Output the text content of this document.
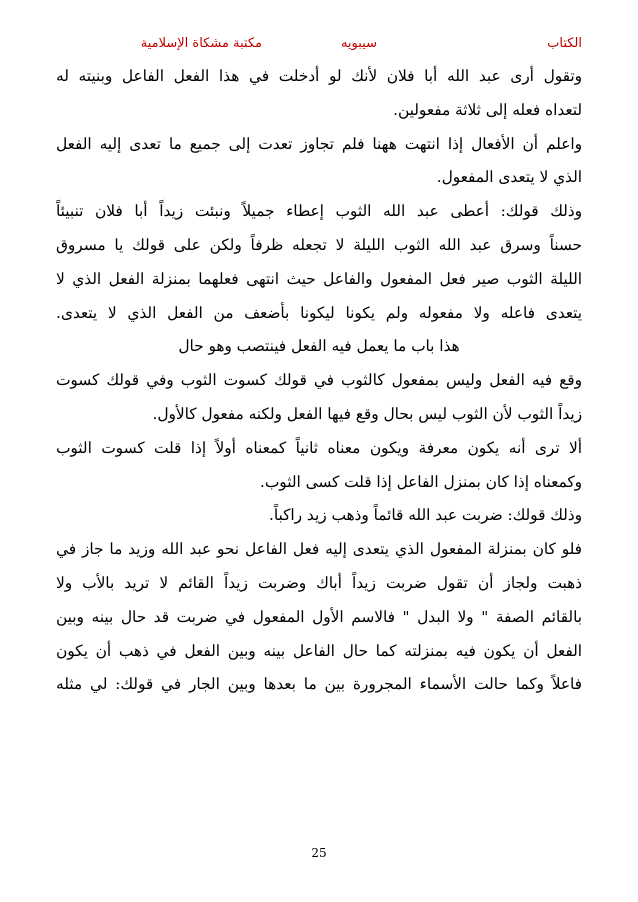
الكتاب
سيبويه
مكتبة مشكاة الإسلامية
وتقول أرى عبد الله أبا فلان لأنك لو أدخلت في هذا الفعل الفاعل وبنيته له
لتعداه فعله إلى ثلاثة مفعولين.
واعلم أن الأفعال إذا انتهت ههنا فلم تجاوز تعدت إلى جميع ما تعدى إليه الفعل
الذي لا يتعدى المفعول.
وذلك قولك: أعطى عبد الله الثوب إعطاء جميلاً ونبئت زيداً أبا فلان تنبيئاً
حسناً وسرق عبد الله الثوب الليلة لا تجعله ظرفاً ولكن على قولك يا مسروق
الليلة الثوب صير فعل المفعول والفاعل حيث انتهى فعلهما بمنزلة الفعل الذي لا
يتعدى فاعله ولا مفعوله ولم يكونا ليكونا بأضعف من الفعل الذي لا يتعدى.
هذا باب ما يعمل فيه الفعل فينتصب وهو حال
وقع فيه الفعل وليس بمفعول كالثوب في قولك كسوت الثوب وفي قولك كسوت
زيداً الثوب لأن الثوب ليس بحال وقع فيها الفعل ولكنه مفعول كالأول.
ألا ترى أنه يكون معرفة ويكون معناه ثانياً كمعناه أولاً إذا قلت كسوت الثوب
وكمعناه إذا كان بمنزل الفاعل إذا قلت كسى الثوب.
وذلك قولك: ضربت عبد الله قائماً وذهب زيد راكباً.
فلو كان بمنزلة المفعول الذي يتعدى إليه فعل الفاعل نحو عبد الله وزيد ما جاز في
ذهبت ولجاز أن تقول ضربت زيداً أباك وضربت زيداً القائم لا تريد بالأب ولا
بالقائم الصفة " ولا البدل " فالاسم الأول المفعول في ضربت قد حال بينه وبين
الفعل أن يكون فيه بمنزلته كما حال الفاعل بينه وبين الفعل في ذهب أن يكون
فاعلاً وكما حالت الأسماء المجرورة بين ما بعدها وبين الجار في قولك: لي مثله
25
